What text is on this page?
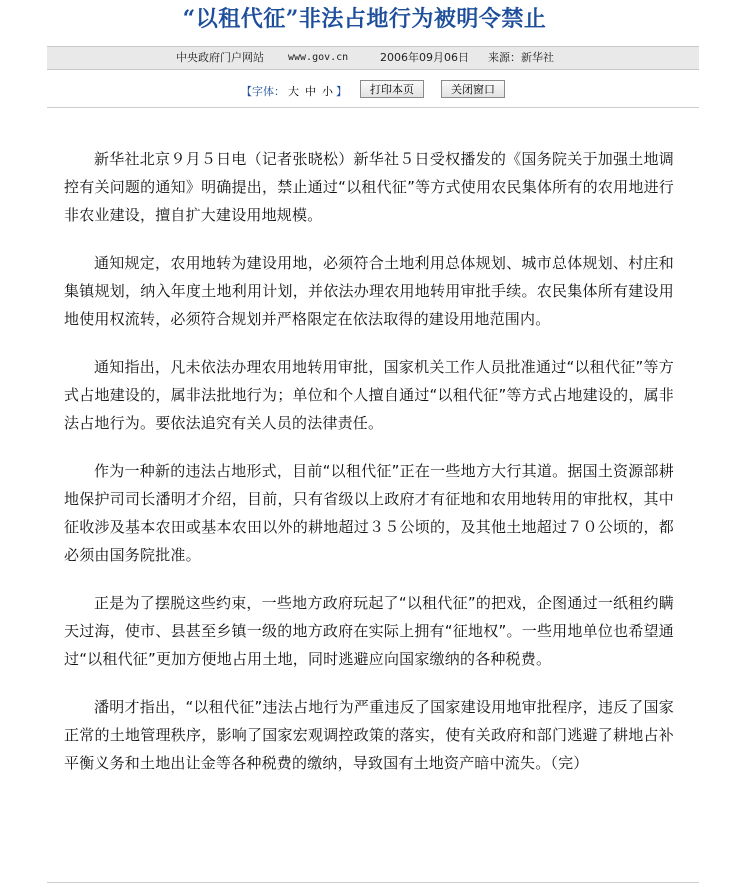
“以租代征”非法占地行为被明令禁止
中央政府门户网站 www.gov.cn	2006年09月06日 来源：新华社
【字体： 大 中 小 】	打印本页	关闭窗口

新华社北京９月５日电（记者张晓松）新华社５日受权播发的《国务院关于加强土地调控有关问题的通知》明确提出，禁止通过“以租代征”等方式使用农民集体所有的农用地进行非农业建设，擅自扩大建设用地规模。

通知规定，农用地转为建设用地，必须符合土地利用总体规划、城市总体规划、村庄和集镇规划，纳入年度土地利用计划，并依法办理农用地转用审批手续。农民集体所有建设用地使用权流转，必须符合规划并严格限定在依法取得的建设用地范围内。

通知指出，凡未依法办理农用地转用审批，国家机关工作人员批准通过“以租代征”等方式占地建设的，属非法批地行为；单位和个人擅自通过“以租代征”等方式占地建设的，属非法占地行为。要依法追究有关人员的法律责任。

作为一种新的违法占地形式，目前“以租代征”正在一些地方大行其道。据国土资源部耕地保护司司长潘明才介绍，目前，只有省级以上政府才有征地和农用地转用的审批权，其中征收涉及基本农田或基本农田以外的耕地超过３５公顷的，及其他土地超过７０公顷的，都必须由国务院批准。

正是为了摆脱这些约束，一些地方政府玩起了“以租代征”的把戏，企图通过一纸租约瞒天过海，使市、县甚至乡镇一级的地方政府在实际上拥有“征地权”。一些用地单位也希望通过“以租代征”更加方便地占用土地，同时逃避应向国家缴纳的各种税费。

潘明才指出，“以租代征”违法占地行为严重违反了国家建设用地审批程序，违反了国家正常的土地管理秩序，影响了国家宏观调控政策的落实，使有关政府和部门逃避了耕地占补平衡义务和土地出让金等各种税费的缴纳，导致国有土地资产暗中流失。（完）
